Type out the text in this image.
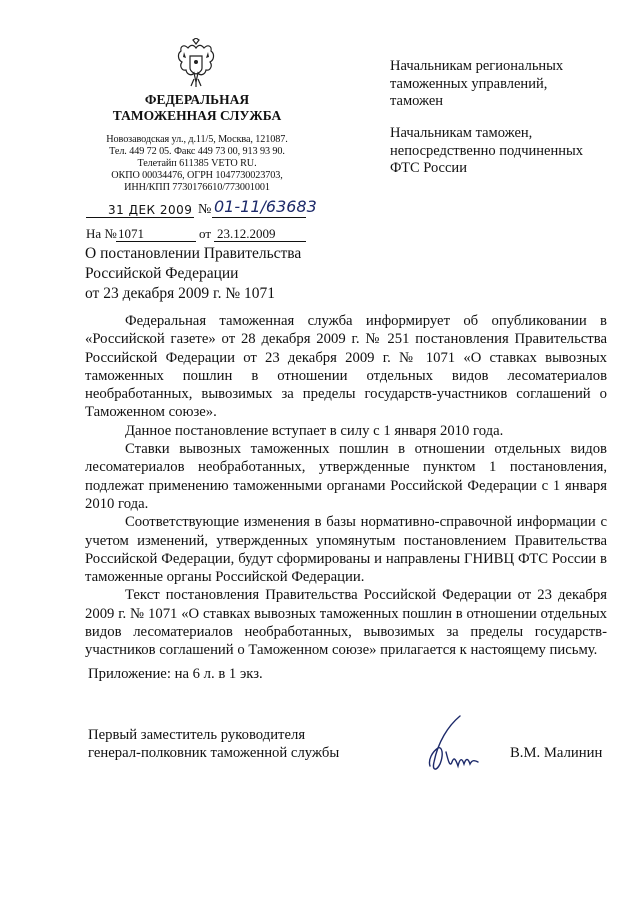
ФЕДЕРАЛЬНАЯ
ТАМОЖЕННАЯ СЛУЖБА
Новозаводская ул., д.11/5, Москва, 121087.
Тел. 449 72 05. Факс 449 73 00, 913 93 90.
Телетайп 611385 VETO RU.
ОКПО 00034476, ОГРН 1047730023703,
ИНН/КПП 7730176610/773001001
31 ДЕК 2009 № 01-11/63683
На № 1071	от 23.12.2009
О постановлении Правительства
Российской Федерации
от 23 декабря 2009 г. № 1071
Начальникам региональных
таможенных управлений,
таможен
Начальникам таможен,
непосредственно подчиненных
ФТС России

Федеральная таможенная служба информирует об опубликовании в «Российской газете» от 28 декабря 2009 г. № 251 постановления Правительства Российской Федерации от 23 декабря 2009 г. № 1071 «О ставках вывозных таможенных пошлин в отношении отдельных видов лесоматериалов необработанных, вывозимых за пределы государств-участников соглашений о Таможенном союзе».

Данное постановление вступает в силу с 1 января 2010 года.

Ставки вывозных таможенных пошлин в отношении отдельных видов лесоматериалов необработанных, утвержденные пунктом 1 постановления, подлежат применению таможенными органами Российской Федерации с 1 января 2010 года.

Соответствующие изменения в базы нормативно-справочной информации с учетом изменений, утвержденных упомянутым постановлением Правительства Российской Федерации, будут сформированы и направлены ГНИВЦ ФТС России в таможенные органы Российской Федерации.

Текст постановления Правительства Российской Федерации от 23 декабря 2009 г. № 1071 «О ставках вывозных таможенных пошлин в отношении отдельных видов лесоматериалов необработанных, вывозимых за пределы государств-участников соглашений о Таможенном союзе» прилагается к настоящему письму.

Приложение: на 6 л. в 1 экз.
Первый заместитель руководителя
генерал-полковник таможенной службы	В.М. Малинин
